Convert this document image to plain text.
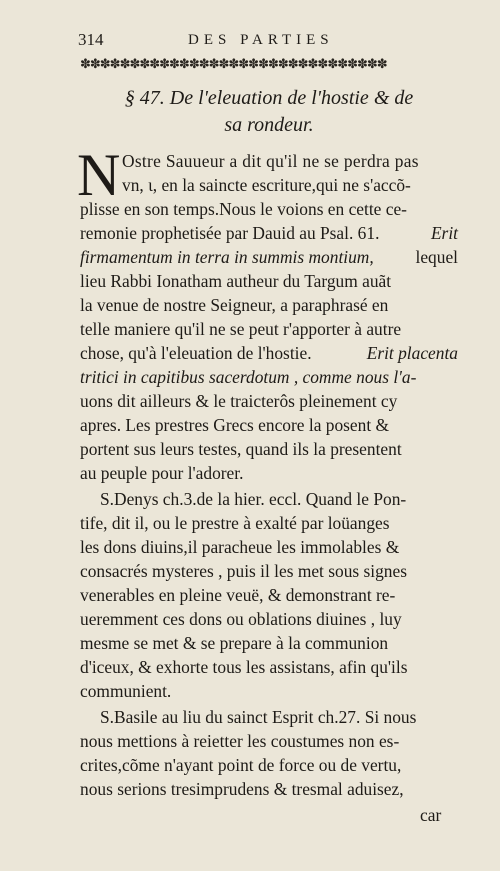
314	DES PARTIES
✽✽✽✽✽✽✽✽✽✽✽✽✽✽✽✽✽✽✽✽✽✽✽✽✽✽✽✽✽✽✽
§ 47. De l'eleuation de l'hostie & de
sa rondeur.
N Ostre Sauueur a dit qu'il ne se perdra pas
vn, ι, en la saincte escriture,qui ne s'accõ-
plisse en son temps.Nous le voions en cette ce-
remonie prophetisée par Dauid au Psal. 61.	Erit
firmamentum in terra in summis montium, lequel
lieu Rabbi Ionatham autheur du Targum auãt
la venue de nostre Seigneur, a paraphrasé en
telle maniere qu'il ne se peut r'apporter à autre
chose, qu'à l'eleuation de l'hostie.	Erit placenta
tritici in capitibus sacerdotum , comme nous l'a-
uons dit ailleurs & le traicterôs pleinement cy
apres. Les prestres Grecs encore la posent &
portent sus leurs testes, quand ils la presentent
au peuple pour l'adorer.
S.Denys ch.3.de la hier. eccl. Quand le Pon-
tife, dit il, ou le prestre à exalté par loüanges
les dons diuins,il paracheue les immolables &
consacrés mysteres , puis il les met sous signes
venerables en pleine veuë, & demonstrant re-
ueremment ces dons ou oblations diuines , luy
mesme se met & se prepare à la communion
d'iceux, & exhorte tous les assistans, afin qu'ils
communient.
S.Basile au liu du sainct Esprit ch.27. Si nous
nous mettions à reietter les coustumes non es-
crites,cõme n'ayant point de force ou de vertu,
nous serions tresimprudens & tresmal aduisez,
car
